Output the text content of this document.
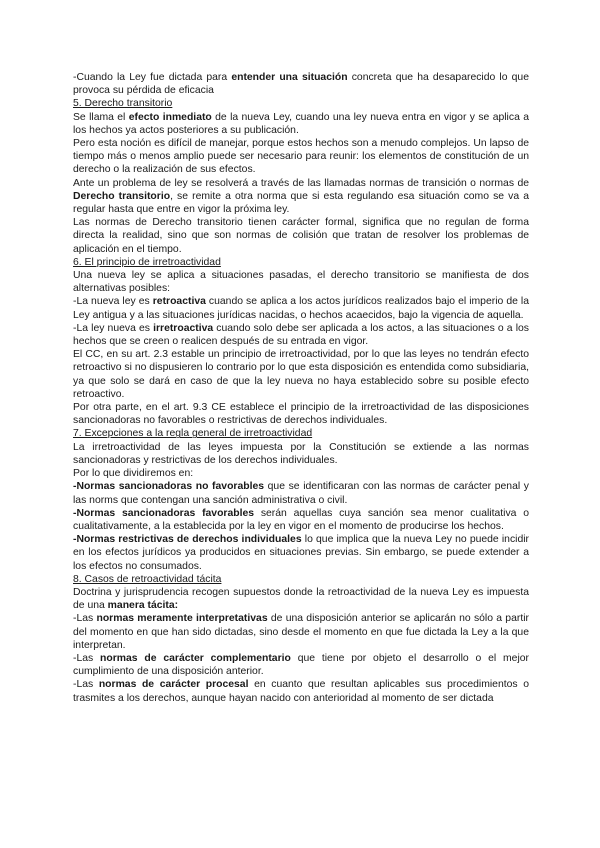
-Cuando la Ley fue dictada para entender una situación concreta que ha desaparecido lo que provoca su pérdida de eficacia

5. Derecho transitorio

Se llama el efecto inmediato de la nueva Ley, cuando una ley nueva entra en vigor y se aplica a los hechos ya actos posteriores a su publicación.

Pero esta noción es difícil de manejar, porque estos hechos son a menudo complejos. Un lapso de tiempo más o menos amplio puede ser necesario para reunir: los elementos de constitución de un derecho o la realización de sus efectos.

Ante un problema de ley se resolverá a través de las llamadas normas de transición o normas de Derecho transitorio, se remite a otra norma que si esta regulando esa situación como se va a regular hasta que entre en vigor la próxima ley.

Las normas de Derecho transitorio tienen carácter formal, significa que no regulan de forma directa la realidad, sino que son normas de colisión que tratan de resolver los problemas de aplicación en el tiempo.

6. El principio de irretroactividad

Una nueva ley se aplica a situaciones pasadas, el derecho transitorio se manifiesta de dos alternativas posibles:

-La nueva ley es retroactiva cuando se aplica a los actos jurídicos realizados bajo el imperio de la Ley antigua y a las situaciones jurídicas nacidas, o hechos acaecidos, bajo la vigencia de aquella.

-La ley nueva es irretroactiva cuando solo debe ser aplicada a los actos, a las situaciones o a los hechos que se creen o realicen después de su entrada en vigor.

El CC, en su art. 2.3 estable un principio de irretroactividad, por lo que las leyes no tendrán efecto retroactivo si no dispusieren lo contrario por lo que esta disposición es entendida como subsidiaria, ya que solo se dará en caso de que la ley nueva no haya establecido sobre su posible efecto retroactivo.

Por otra parte, en el art. 9.3 CE establece el principio de la irretroactividad de las disposiciones sancionadoras no favorables o restrictivas de derechos individuales.

7. Excepciones a la regla general de irretroactividad

La irretroactividad de las leyes impuesta por la Constitución se extiende a las normas sancionadoras y restrictivas de los derechos individuales.

Por lo que dividiremos en:

-Normas sancionadoras no favorables que se identificaran con las normas de carácter penal y las norms que contengan una sanción administrativa o civil.

-Normas sancionadoras favorables serán aquellas cuya sanción sea menor cualitativa o cualitativamente, a la establecida por la ley en vigor en el momento de producirse los hechos.

-Normas restrictivas de derechos individuales lo que implica que la nueva Ley no puede incidir en los efectos jurídicos ya producidos en situaciones previas. Sin embargo, se puede extender a los efectos no consumados.

8. Casos de retroactividad tácita

Doctrina y jurisprudencia recogen supuestos donde la retroactividad de la nueva Ley es impuesta de una manera tácita:

-Las normas meramente interpretativas de una disposición anterior se aplicarán no sólo a partir del momento en que han sido dictadas, sino desde el momento en que fue dictada la Ley a la que interpretan.

-Las normas de carácter complementario que tiene por objeto el desarrollo o el mejor cumplimiento de una disposición anterior.

-Las normas de carácter procesal en cuanto que resultan aplicables sus procedimientos o trasmites a los derechos, aunque hayan nacido con anterioridad al momento de ser dictada
